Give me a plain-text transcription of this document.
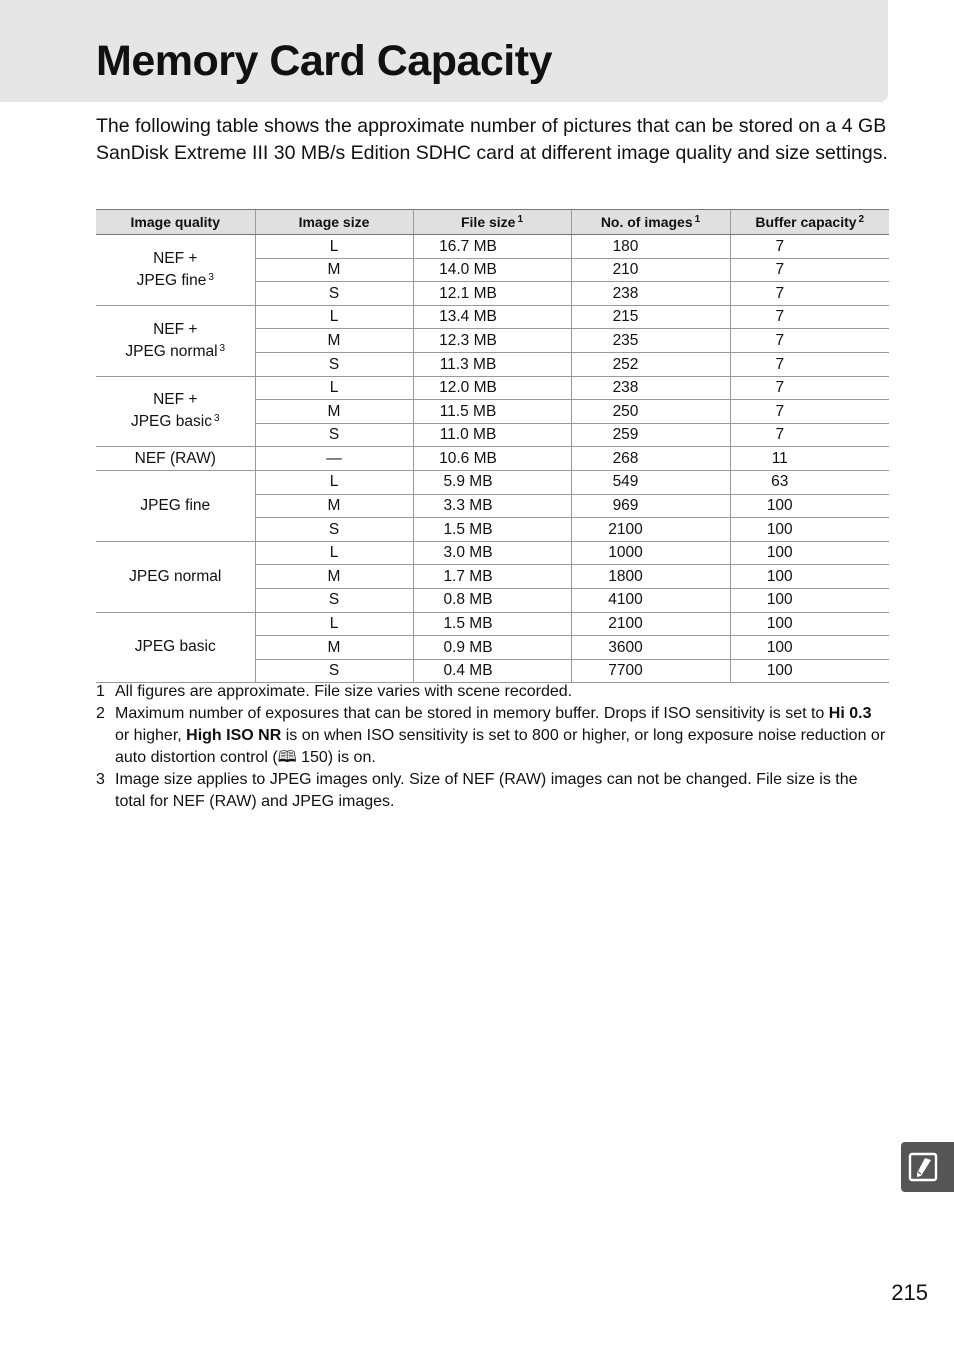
Memory Card Capacity

The following table shows the approximate number of pictures that can be stored on a 4 GB SanDisk Extreme III 30 MB/s Edition SDHC card at different image quality and size settings.

Image quality	Image size	File size $^1$	No. of images $^1$	Buffer capacity $^2$
NEF +
JPEG fine $^3$	L	16.7 MB	180	7
	M	14.0 MB	210	7
	S	12.1 MB	238	7
NEF +
JPEG normal $^3$	L	13.4 MB	215	7
	M	12.3 MB	235	7
	S	11.3 MB	252	7
NEF +
JPEG basic $^3$	L	12.0 MB	238	7
	M	11.5 MB	250	7
	S	11.0 MB	259	7
NEF (RAW)	—	10.6 MB	268	11
JPEG fine	L	5.9 MB	549	63
	M	3.3 MB	969	100
	S	1.5 MB	2100	100
JPEG normal	L	3.0 MB	1000	100
	M	1.7 MB	1800	100
	S	0.8 MB	4100	100
JPEG basic	L	1.5 MB	2100	100
	M	0.9 MB	3600	100
	S	0.4 MB	7700	100
1 All figures are approximate. File size varies with scene recorded.
2 Maximum number of exposures that can be stored in memory buffer. Drops if ISO sensitivity is set to Hi 0.3 or higher, High ISO NR is on when ISO sensitivity is set to 800 or higher, or long exposure noise reduction or auto distortion control (🕮 150) is on.
3 Image size applies to JPEG images only. Size of NEF (RAW) images can not be changed. File size is the total for NEF (RAW) and JPEG images.
215
